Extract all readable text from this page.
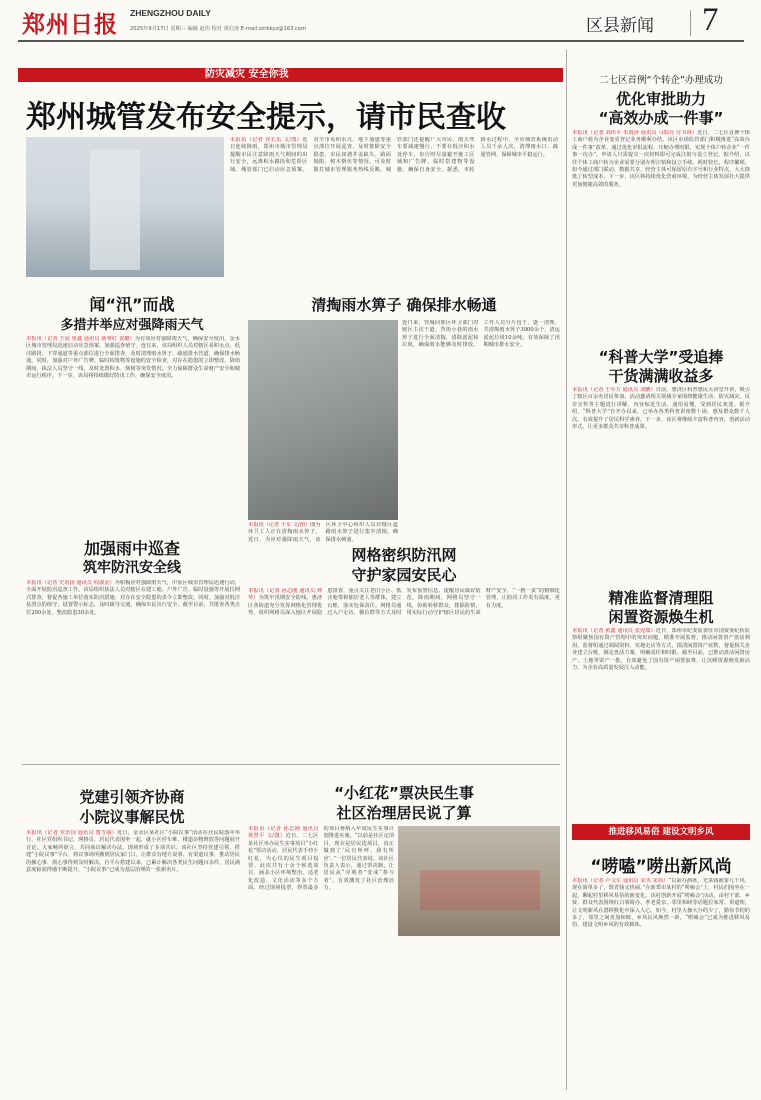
郑州日报 ZHENGZHOU DAILY
2025年9月17日 星期三 编辑 赵伟 校对 黄启涛 E-mail:zzrbkyz@163.com	区县新闻 7
防灾减灾 安全你我
郑州城管发布安全提示，请市民查收
本报讯（记者 谷长乐 文/图）近日连续降雨，郑州市城市管理局提醒市民注意降雨天气期间的出行安全，远离积水路段和危险区域。城管部门已启动应急预案，对全市易积水点、地下通道等重点部位开展巡查，及时排除安全隐患。市民如遇井盖缺失、路面塌陷、树木倒伏等情况，可及时拨打城市管理服务热线反映。城管部门还提醒广大市民，雨天驾车要减速慢行，不要在低洼积水处停车，步行时尽量避开施工区域和广告牌、临时搭建物等设施，确保自身安全。据悉，本轮降水过程中，全市城管系统出动人员千余人次，清理雨水口、疏通管网，保障城市平稳运行。
二七区首例“个转企”办理成功
优化审批助力
“高效办成一件事”
本报讯（记者 刘伟平 朱雨萍 通讯员 马瑞丹 付书林）近日，二七区首例个体工商户转为企业变更登记业务顺利办结。该区市场监管部门积极推进“高效办成一件事”改革，通过优化审批流程、压缩办理时限，实现个体户转企业“一件事一次办”，申请人只需提交一次材料即可完成注销与设立登记。据介绍，以往个体工商户转为企业需要分别办理注销和设立手续，耗时较长，程序繁琐。如今通过部门联动、数据共享，经营主体可保留原有字号和行业特点，大大降低了转型成本。下一步，该区将持续优化营商环境，为经营主体发展壮大提供更加便捷高效的服务。
闻“汛”而战
多措并举应对强降雨天气
本报讯（记者 王展 鲁鑫 通讯员 薛翠红 袁璐）为有效应对强降雨天气，确保安全度汛，金水区城市管理局迅速启动应急预案，加强巡查值守。连日来，该局组织人员对辖区易积水点、低洼路段、下穿通道等重点部位进行全面排查，及时清理雨水箅子、疏通排水管道，确保排水畅通。同时，加强对户外广告牌、临时构筑物等设施的安全检查，对存在隐患的立即整改。降雨期间，执法人员坚守一线，及时处置积水、倒树等突发情况，全力保障群众生命财产安全和城市运行秩序。下一步，该局将持续做好防汛工作，确保安全度汛。
清掏雨水箅子 确保排水畅通
本报讯（记者 王军 文/图）图为环卫工人正在清掏雨水箅子。近日，为应对强降雨天气，该区环卫中心组织人员对辖区道路雨水箅子进行集中清掏，确保排水畅通。
连日来，管城回族区环卫部门对辖区主次干道、背街小巷的雨水箅子进行全面清掏，清除淤泥和垃圾，确保雨水能够及时排放。工作人员分片包干，逐一清理，共清掏雨水箅子3000余个，清运淤泥垃圾10余吨，有效保障了汛期城市排水安全。
“科普大学”受追捧
干货满满收益多
本报讯（记者 王军方 通讯员 刘鹏）日前，惠济区科普惠民大讲堂开讲，吸引了辖区百余名居民参加。活动邀请相关领域专家围绕健康生活、防灾减灾、反诈宣传等主题进行讲解，内容贴近生活、通俗易懂，受到居民欢迎。据介绍，“科普大学”自开办以来，已举办各类科普讲座数十场，惠及群众数千人次，有效提升了居民科学素养。下一步，该区将继续丰富科普内容，创新活动形式，让更多群众共享科普成果。
加强雨中巡查
筑牢防汛安全线
本报讯（记者 史治国 通讯员 程淑金）为积极应对强降雨天气，中原区城市管理局迅速行动，全面开展防汛巡查工作。该局组织执法人员对辖区在建工地、户外广告、临时设施等开展拉网式排查，督促各施工单位落实防汛措施，对存在安全隐患的责令立即整改。同时，加强对低洼易涝点的值守，设置警示标志，及时疏导交通，确保市民出行安全。截至目前，共排查各类点位200余处，整改隐患30余处。
网格密织防汛网
守护家园安民心
本报讯（记者 孙志刚 通讯员 钟华）为筑牢汛期安全防线，惠济区各街道充分发挥网格化管理优势，组织网格员深入辖区开展隐患排查，重点关注老旧小区、低洼地带和独居老人等群体，建立台账，落实包保责任。网格员通过入户走访、微信群等方式及时发布预警信息，提醒居民做好防范。降雨期间，网格员坚守一线，协助转移群众，排除险情，用实际行动守护辖区居民的生命财产安全。“一格一责”的精细化管理，让防汛工作更有温度、更有力度。	精准监督清理阻
闲置资源焕生机
本报讯（记者 黄鑫 通讯员 张宪瑞）近日，郑州市纪委监委驻市国资委纪检监察组聚焦国有资产管理中的突出问题，精准开展监督，推动闲置资产盘活利用。监督组通过调阅资料、实地走访等方式，摸清闲置资产底数，督促相关企业建立台账，制定盘活方案，明确责任和时限。截至目前，已推动盘活闲置房产、土地等资产一批，有效避免了国有资产闲置浪费，让沉睡资源焕发新活力，为企业高质量发展注入动能。
党建引领齐协商
小院议事解民忧
本报讯（记者 党治国 通讯员 董雪丽）近日，金水区某社区“小院议事”活动在居民院落中举行，社区党组织书记、网格员、居民代表围坐一起，就小区停车难、楼道杂物堆放等问题展开讨论。大家畅所欲言，共同商议解决办法，现场形成了多项共识。该社区坚持党建引领，搭建“小院议事”平台，将议事场所搬到居民家门口，让群众有地方说事、有渠道议事，推动居民的操心事、烦心事得到及时解决。自平台搭建以来，已累计解决各类民生问题百余件，居民满意度和获得感不断提升。“小院议事”已成为基层治理的一张新名片。
“小红花”票决民生事
社区治理居民说了算
本报讯（记者 孙志刚 通讯员 黄慧平 文/图）近日，二七区某社区举办民生实事项目“小红花”票决活动，居民代表手持小红花，为心仪的民生项目投票。此次共有十余个候选项目，涵盖小区环境整治、适老化改造、文化活动等多个方面。经过现场投票，得票最多的项目将纳入年度民生实事计划推进实施。“以前是社区定项目，现在是居民选项目，真正做到了‘民有所呼、我有所应’。”一位居民代表说。该社区负责人表示，通过票决制，让居民从“旁观者”变成“参与者”，有效激发了社区治理活力。
推进移风易俗 建设文明乡风
“唠嗑”唠出新风尚
本报讯（记者 卢文军 通讯员 宋芙 宋茜）“以前办酒席，光菜钱就要几千块，现在简单多了，既省钱又热闹。”在新郑市某村的“唠嗑会”上，村民们围坐在一起，聊起村里移风易俗的新变化。该村创新开展“唠嗑会”活动，由村干部、乡贤、群众代表围绕红白事简办、孝老爱亲、邻里和睦等话题拉家常、讲道理，让文明新风在潜移默化中深入人心。如今，村里大操大办的少了，勤俭节约的多了，邻里之间更加和睦，乡风民风焕然一新。“唠嗑会”已成为推进移风易俗、建设文明乡风的有效载体。
